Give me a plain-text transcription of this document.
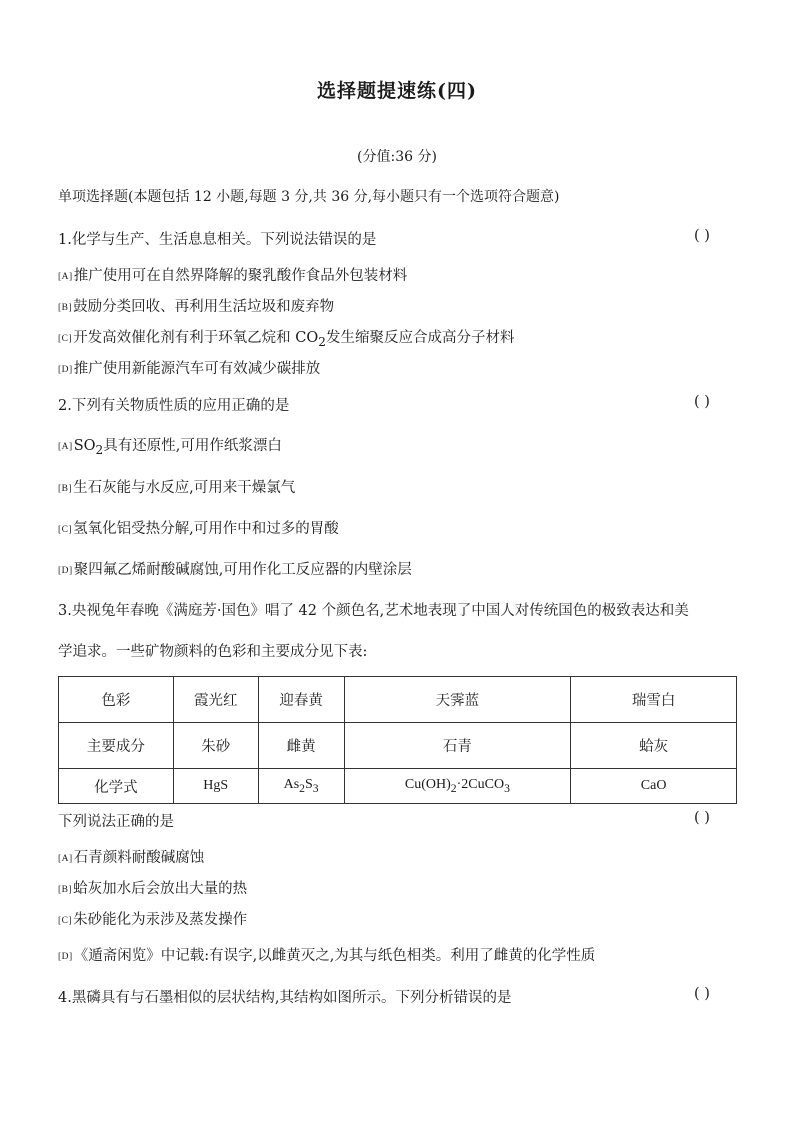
选择题提速练(四)
(分值:36 分)
单项选择题(本题包括 12 小题,每题 3 分,共 36 分,每小题只有一个选项符合题意)
1.化学与生产、生活息息相关。下列说法错误的是	( )
[A]推广使用可在自然界降解的聚乳酸作食品外包装材料
[B]鼓励分类回收、再利用生活垃圾和废弃物
[C]开发高效催化剂有利于环氧乙烷和 $CO_2$发生缩聚反应合成高分子材料
[D]推广使用新能源汽车可有效减少碳排放
2.下列有关物质性质的应用正确的是	( )
$[A]SO_2$具有还原性,可用作纸浆漂白
[B]生石灰能与水反应,可用来干燥氯气
[C]氢氧化铝受热分解,可用作中和过多的胃酸
[D]聚四氟乙烯耐酸碱腐蚀,可用作化工反应器的内壁涂层
3.央视兔年春晚《满庭芳·国色》唱了 42 个颜色名,艺术地表现了中国人对传统国色的极致表达和美
学追求。一些矿物颜料的色彩和主要成分见下表:
色彩	霞光红	迎春黄	天霁蓝	瑞雪白
主要成分	朱砂	雌黄	石青	蛤灰
化学式	HgS	$As_2S_3$	$Cu(OH)_2\cdot 2CuCO_3$	CaO
下列说法正确的是	( )
[A]石青颜料耐酸碱腐蚀
[B]蛤灰加水后会放出大量的热
[C]朱砂能化为汞涉及蒸发操作
[D]《遁斋闲览》中记载:有误字,以雌黄灭之,为其与纸色相类。利用了雌黄的化学性质
4.黑磷具有与石墨相似的层状结构,其结构如图所示。下列分析错误的是	( )
